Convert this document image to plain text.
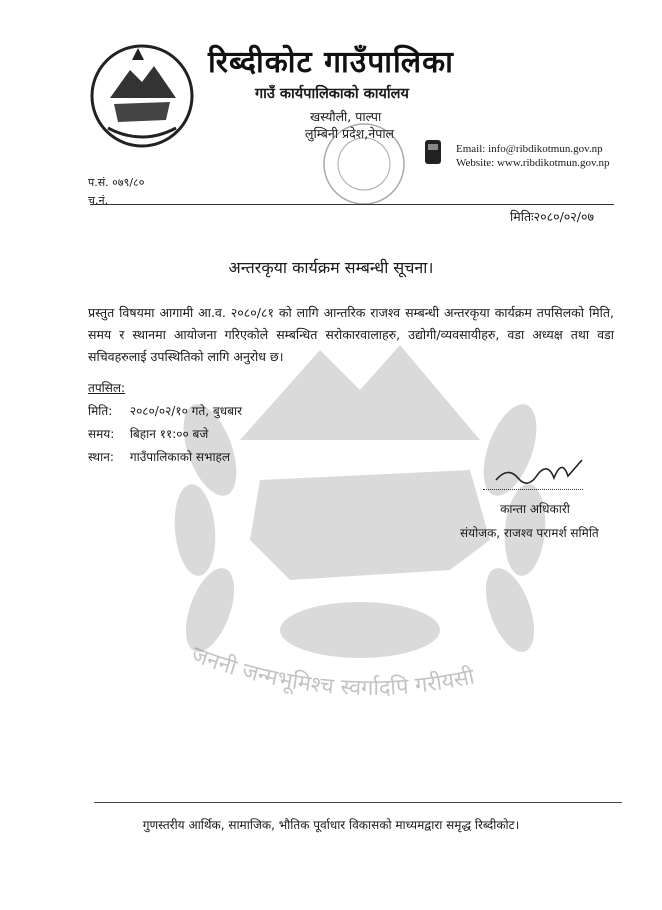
रिब्दीकोट गाउँपालिका
गाउँ कार्यपालिकाको कार्यालय
खस्यौली, पाल्पा
लुम्बिनी प्रदेश,नेपाल
Email: info@ribdikotmun.gov.np
Website: www.ribdikotmun.gov.np
प.सं. ०७९/८०
च.नं.
मितिः२०८०/०२/०७
अन्तरकृया कार्यक्रम सम्बन्धी सूचना।
प्रस्तुत विषयमा आगामी आ.व. २०८०/८१ को लागि आन्तरिक राजश्व सम्बन्धी अन्तरकृया कार्यक्रम तपसिलको मिति, समय र स्थानमा आयोजना गरिएकोले सम्बन्धित सरोकारवालाहरु, उद्योगी/व्यवसायीहरु, वडा अध्यक्ष तथा वडा सचिवहरुलाई उपस्थितिको लागि अनुरोध छ।
तपसिल:
मिति: २०८०/०२/१० गते, बुधबार
समय: बिहान ११:०० बजे
स्थान: गाउँपालिकाको सभाहल
कान्ता अधिकारी
संयोजक, राजश्व परामर्श समिति
जननी जन्मभूमिश्च स्वर्गादपि गरीयसी
गुणस्तरीय आर्थिक, सामाजिक, भौतिक पूर्वाधार विकासको माध्यमद्वारा समृद्ध रिब्दीकोट।
